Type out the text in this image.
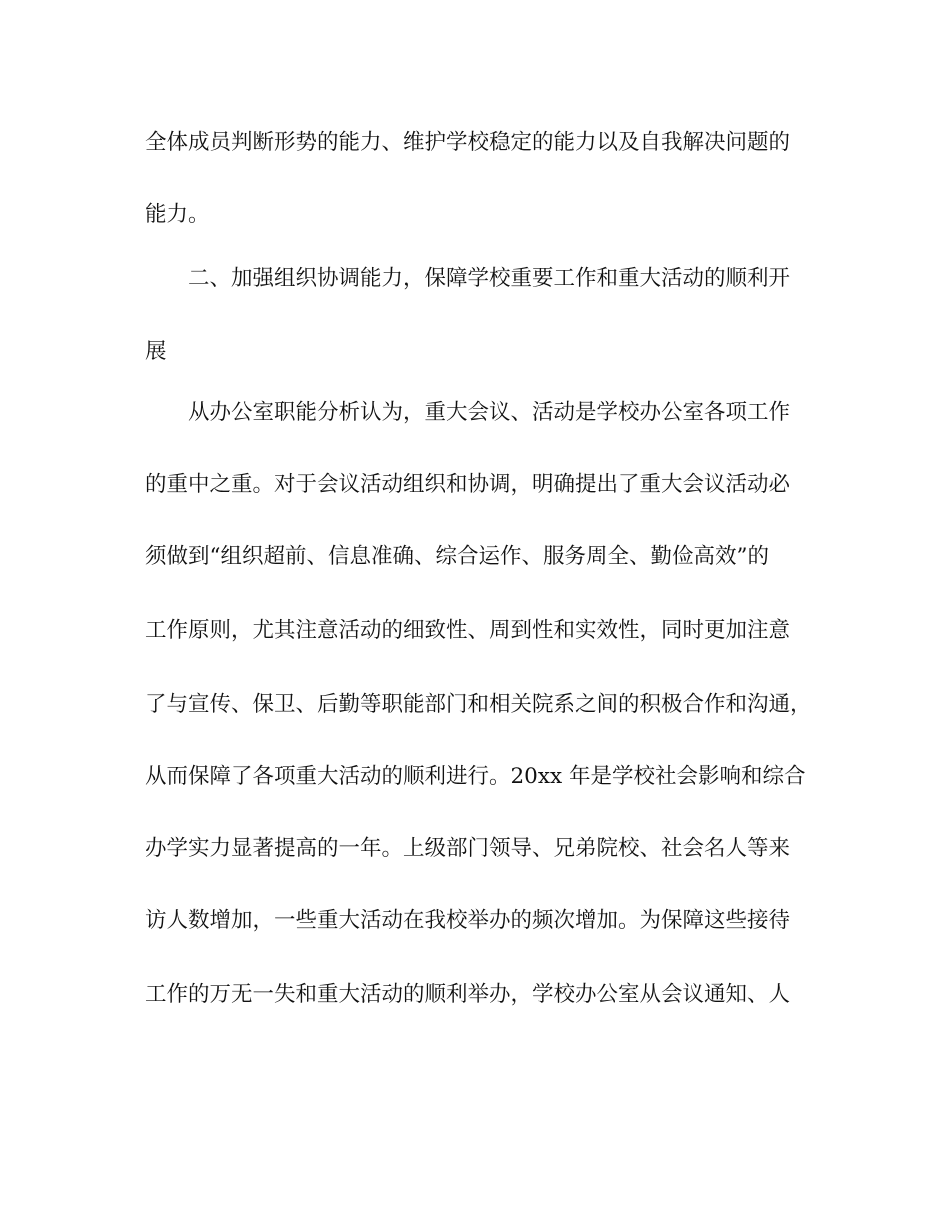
全体成员判断形势的能力、维护学校稳定的能力以及自我解决问题的
能力。
二、加强组织协调能力，保障学校重要工作和重大活动的顺利开
展
从办公室职能分析认为，重大会议、活动是学校办公室各项工作
的重中之重。对于会议活动组织和协调，明确提出了重大会议活动必
须做到“组织超前、信息准确、综合运作、服务周全、勤俭高效”的
工作原则，尤其注意活动的细致性、周到性和实效性，同时更加注意
了与宣传、保卫、后勤等职能部门和相关院系之间的积极合作和沟通，
从而保障了各项重大活动的顺利进行。20xx 年是学校社会影响和综合
办学实力显著提高的一年。上级部门领导、兄弟院校、社会名人等来
访人数增加，一些重大活动在我校举办的频次增加。为保障这些接待
工作的万无一失和重大活动的顺利举办，学校办公室从会议通知、人
